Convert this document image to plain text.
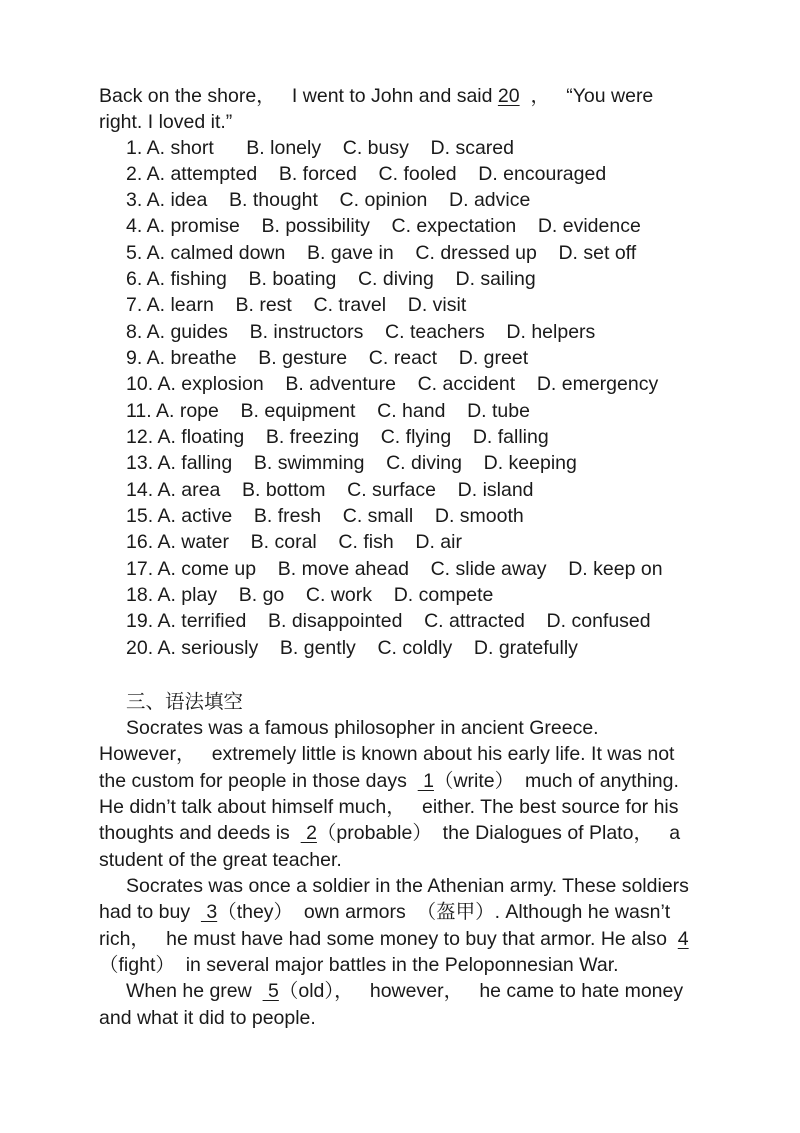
Back on the shore，   I went to John and said 20  ，   “You were
right. I loved it.”
1. A. short      B. lonely    C. busy    D. scared
2. A. attempted    B. forced    C. fooled    D. encouraged
3. A. idea    B. thought    C. opinion    D. advice
4. A. promise    B. possibility    C. expectation    D. evidence
5. A. calmed down    B. gave in    C. dressed up    D. set off
6. A. fishing    B. boating    C. diving    D. sailing
7. A. learn    B. rest    C. travel    D. visit
8. A. guides    B. instructors    C. teachers    D. helpers
9. A. breathe    B. gesture    C. react    D. greet
10. A. explosion    B. adventure    C. accident    D. emergency
11. A. rope    B. equipment    C. hand    D. tube
12. A. floating    B. freezing    C. flying    D. falling
13. A. falling    B. swimming    C. diving    D. keeping
14. A. area    B. bottom    C. surface    D. island
15. A. active    B. fresh    C. small    D. smooth
16. A. water    B. coral    C. fish    D. air
17. A. come up    B. move ahead    C. slide away    D. keep on
18. A. play    B. go    C. work    D. compete
19. A. terrified    B. disappointed    C. attracted    D. confused
20. A. seriously    B. gently    C. coldly    D. gratefully
三、语法填空
Socrates was a famous philosopher in ancient Greece.
However，   extremely little is known about his early life. It was not
the custom for people in those days   1（write）  much of anything.
He didn’t talk about himself much，   either. The best source for his
thoughts and deeds is   2（probable）  the Dialogues of Plato，   a
student of the great teacher.
Socrates was once a soldier in the Athenian army. These soldiers
had to buy   3（they）  own armors  （盔甲）. Although he wasn’t
rich，   he must have had some money to buy that armor. He also  4
（fight）  in several major battles in the Peloponnesian War.
When he grew   5（old），   however，   he came to hate money
and what it did to people.
